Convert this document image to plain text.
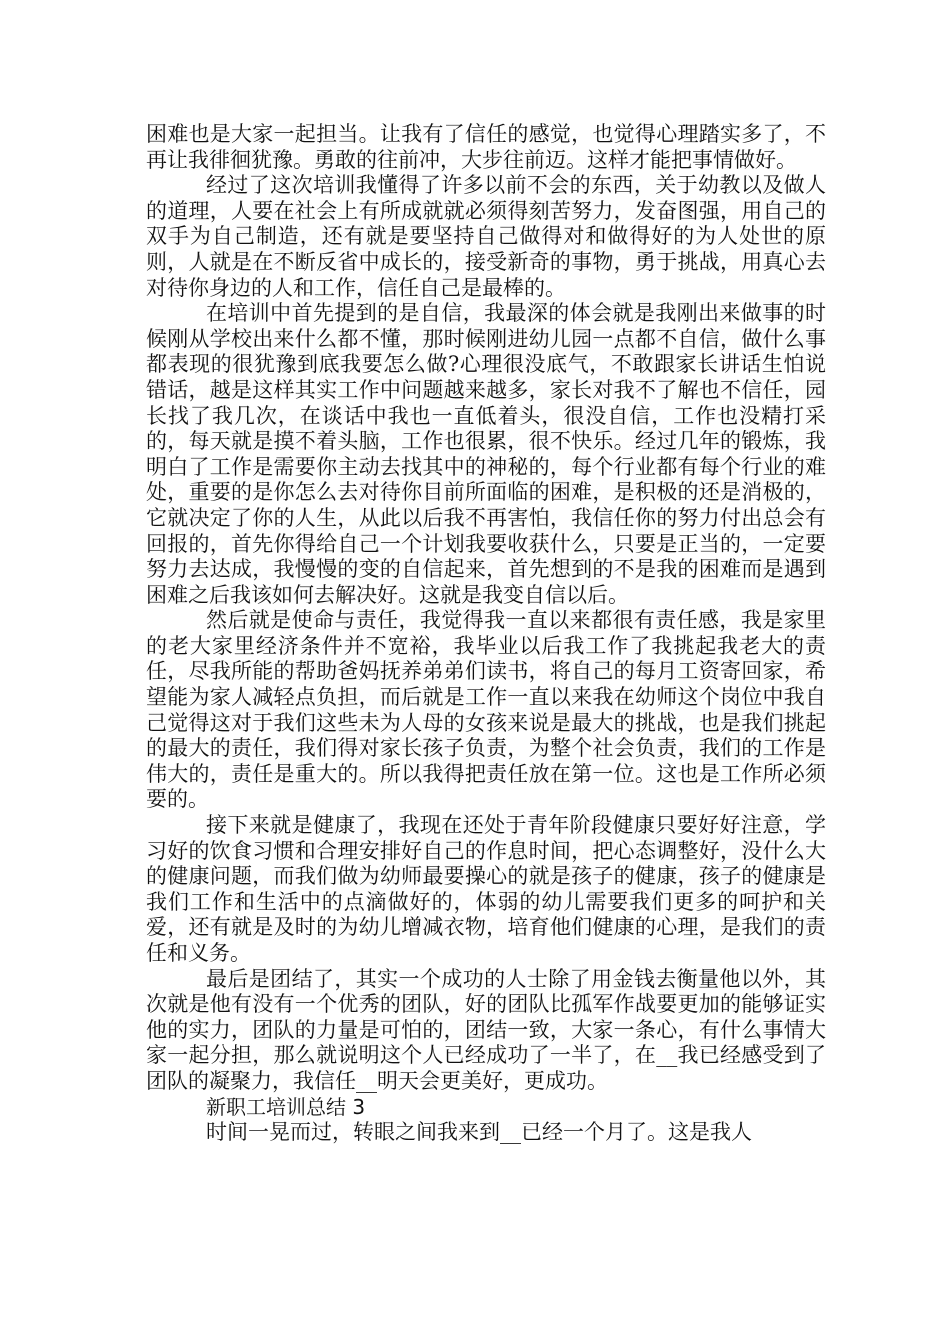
困难也是大家一起担当。让我有了信任的感觉，也觉得心理踏实多了，不再让我徘徊犹豫。勇敢的往前冲，大步往前迈。这样才能把事情做好。

经过了这次培训我懂得了许多以前不会的东西，关于幼教以及做人的道理，人要在社会上有所成就就必须得刻苦努力，发奋图强，用自己的双手为自己制造，还有就是要坚持自己做得对和做得好的为人处世的原则，人就是在不断反省中成长的，接受新奇的事物，勇于挑战，用真心去对待你身边的人和工作，信任自己是最棒的。

在培训中首先提到的是自信，我最深的体会就是我刚出来做事的时候刚从学校出来什么都不懂，那时候刚进幼儿园一点都不自信，做什么事都表现的很犹豫到底我要怎么做?心理很没底气，不敢跟家长讲话生怕说错话，越是这样其实工作中问题越来越多，家长对我不了解也不信任，园长找了我几次，在谈话中我也一直低着头，很没自信，工作也没精打采的，每天就是摸不着头脑，工作也很累，很不快乐。经过几年的锻炼，我明白了工作是需要你主动去找其中的神秘的，每个行业都有每个行业的难处，重要的是你怎么去对待你目前所面临的困难，是积极的还是消极的，它就决定了你的人生，从此以后我不再害怕，我信任你的努力付出总会有回报的，首先你得给自己一个计划我要收获什么，只要是正当的，一定要努力去达成，我慢慢的变的自信起来，首先想到的不是我的困难而是遇到困难之后我该如何去解决好。这就是我变自信以后。

然后就是使命与责任，我觉得我一直以来都很有责任感，我是家里的老大家里经济条件并不宽裕，我毕业以后我工作了我挑起我老大的责任，尽我所能的帮助爸妈抚养弟弟们读书，将自己的每月工资寄回家，希望能为家人减轻点负担，而后就是工作一直以来我在幼师这个岗位中我自己觉得这对于我们这些未为人母的女孩来说是最大的挑战，也是我们挑起的最大的责任，我们得对家长孩子负责，为整个社会负责，我们的工作是伟大的，责任是重大的。所以我得把责任放在第一位。这也是工作所必须要的。

接下来就是健康了，我现在还处于青年阶段健康只要好好注意，学习好的饮食习惯和合理安排好自己的作息时间，把心态调整好，没什么大的健康问题，而我们做为幼师最要操心的就是孩子的健康，孩子的健康是我们工作和生活中的点滴做好的，体弱的幼儿需要我们更多的呵护和关爱，还有就是及时的为幼儿增减衣物，培育他们健康的心理，是我们的责任和义务。

最后是团结了，其实一个成功的人士除了用金钱去衡量他以外，其次就是他有没有一个优秀的团队，好的团队比孤军作战要更加的能够证实他的实力，团队的力量是可怕的，团结一致，大家一条心，有什么事情大家一起分担，那么就说明这个人已经成功了一半了，在__我已经感受到了团队的凝聚力，我信任__明天会更美好，更成功。

新职工培训总结 3

时间一晃而过，转眼之间我来到__已经一个月了。这是我人
